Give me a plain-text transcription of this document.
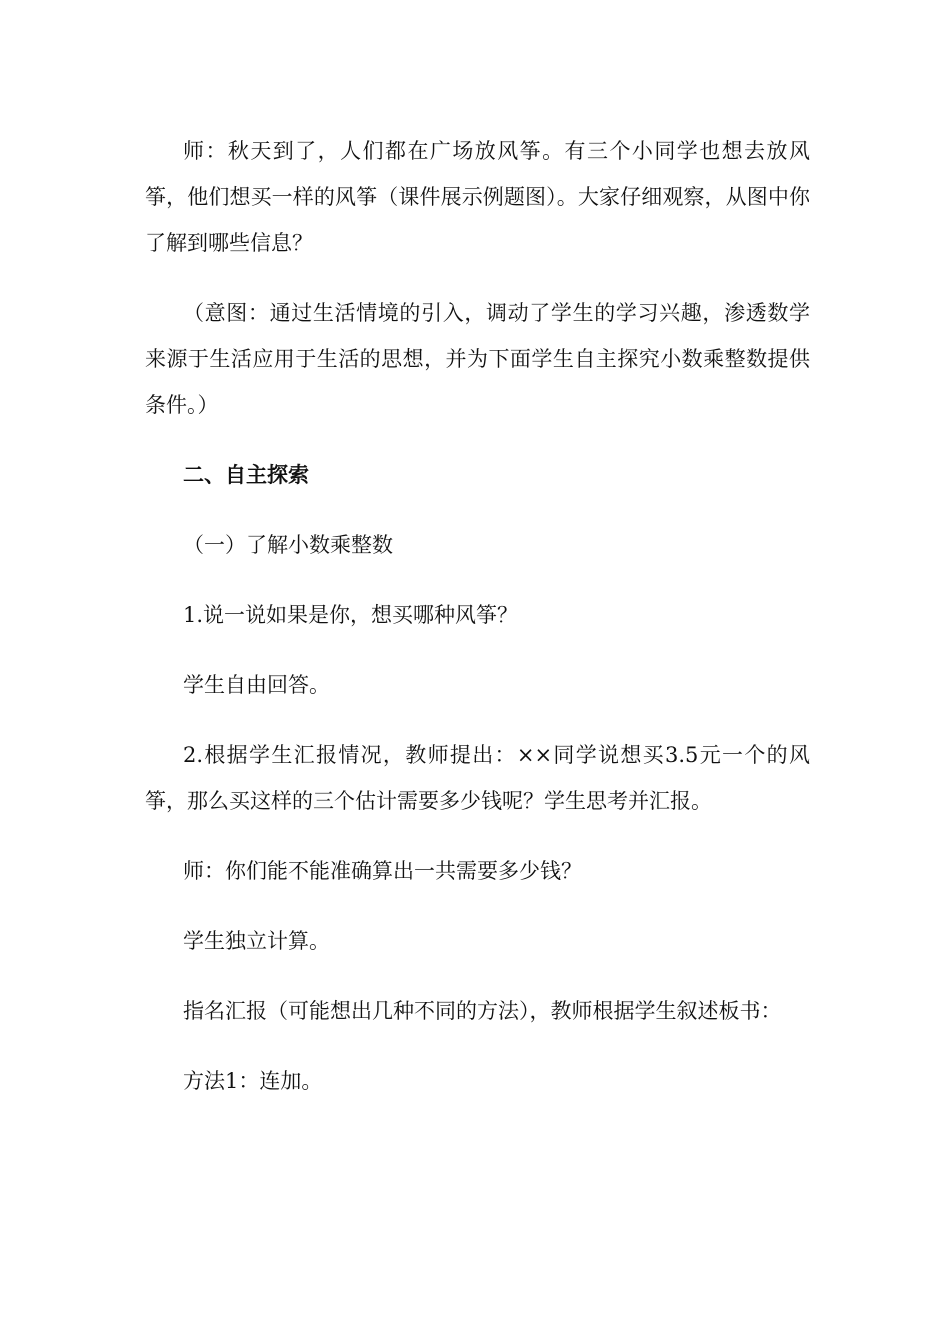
师：秋天到了，人们都在广场放风筝。有三个小同学也想去放风筝，他们想买一样的风筝（课件展示例题图）。大家仔细观察，从图中你了解到哪些信息？

（意图：通过生活情境的引入，调动了学生的学习兴趣，渗透数学来源于生活应用于生活的思想，并为下面学生自主探究小数乘整数提供条件。）

二、自主探索

（一）了解小数乘整数

1.说一说如果是你，想买哪种风筝？

学生自由回答。

2.根据学生汇报情况，教师提出：××同学说想买3.5元一个的风筝，那么买这样的三个估计需要多少钱呢？学生思考并汇报。

师：你们能不能准确算出一共需要多少钱？

学生独立计算。

指名汇报（可能想出几种不同的方法），教师根据学生叙述板书：

方法1：连加。
